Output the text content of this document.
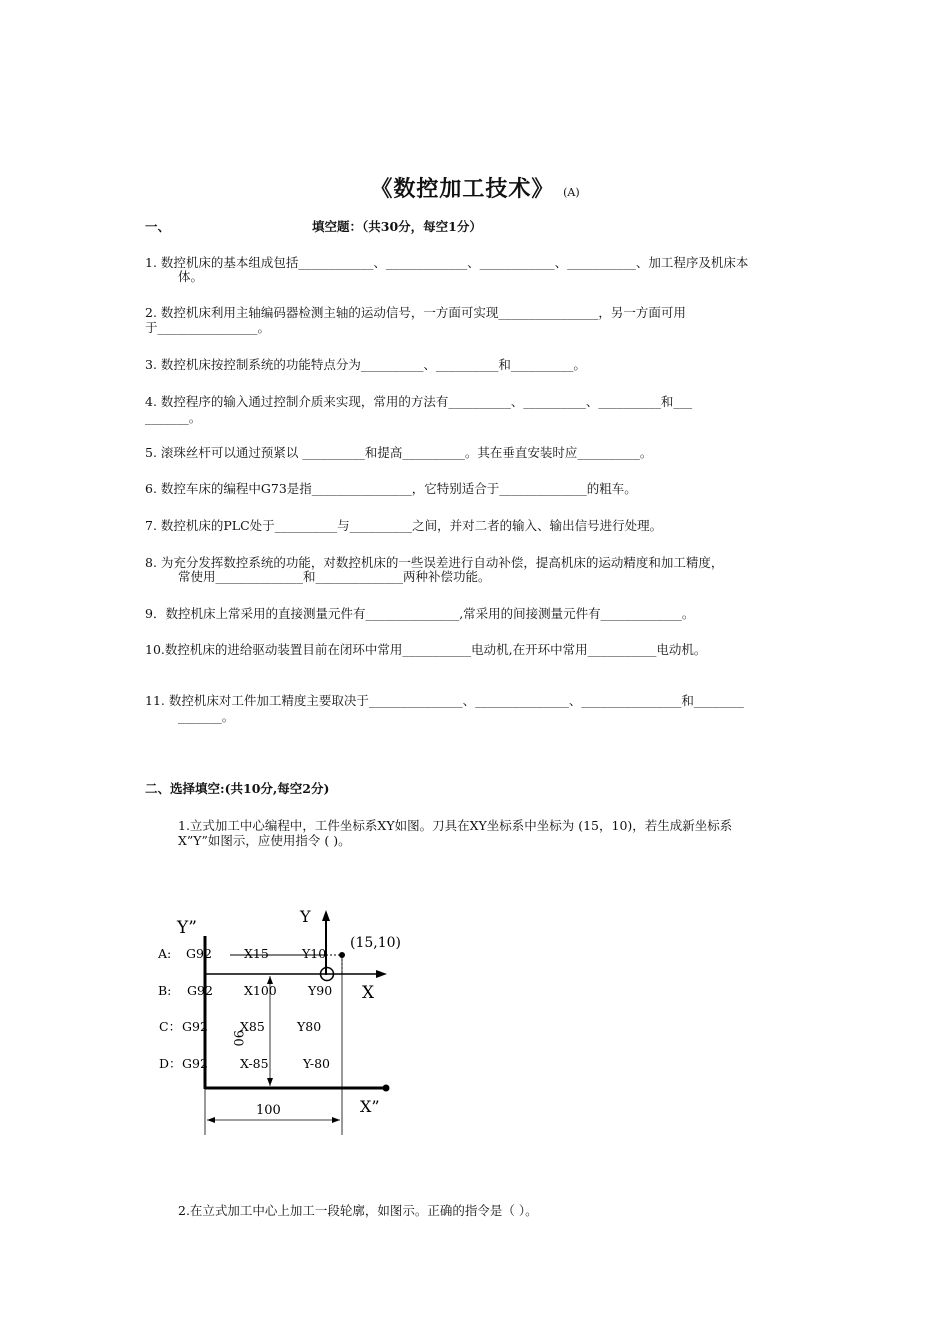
《数控加工技术》 (A)
一、	填空题：（共30分，每空1分）
1. 数控机床的基本组成包括____________、_____________、____________、___________、加工程序及机床本
体。
2. 数控机床利用主轴编码器检测主轴的运动信号，一方面可实现________________，另一方面可用
于________________。
3. 数控机床按控制系统的功能特点分为__________、__________和__________。
4. 数控程序的输入通过控制介质来实现，常用的方法有__________、__________、__________和___
_______。
5. 滚珠丝杆可以通过预紧以 __________和提高__________。其在垂直安装时应__________。
6. 数控车床的编程中G73是指________________，它特别适合于______________的粗车。
7. 数控机床的PLC处于__________与__________之间，并对二者的输入、输出信号进行处理。
8. 为充分发挥数控系统的功能，对数控机床的一些误差进行自动补偿，提高机床的运动精度和加工精度，
常使用______________和______________两种补偿功能。
9．数控机床上常采用的直接测量元件有_______________,常采用的间接测量元件有_____________。
10.数控机床的进给驱动装置目前在闭环中常用___________电动机,在开环中常用___________电动机。
11. 数控机床对工件加工精度主要取决于_______________、_______________、________________和________
_______。
二、选择填空:(共10分,每空2分)
1.立式加工中心编程中，工件坐标系XY如图。刀具在XY坐标系中坐标为 (15，10)，若生成新坐标系
X”Y”如图示，应使用指令 ( )。
Y”
Y
X
X”
(15,10)
90
100
A: G92	X15	Y10
B: G92 X100 Y90
C： G92	X85	Y80
D： G92	X-85	Y-80
2.在立式加工中心上加工一段轮廓，如图示。正确的指令是（ ）。
